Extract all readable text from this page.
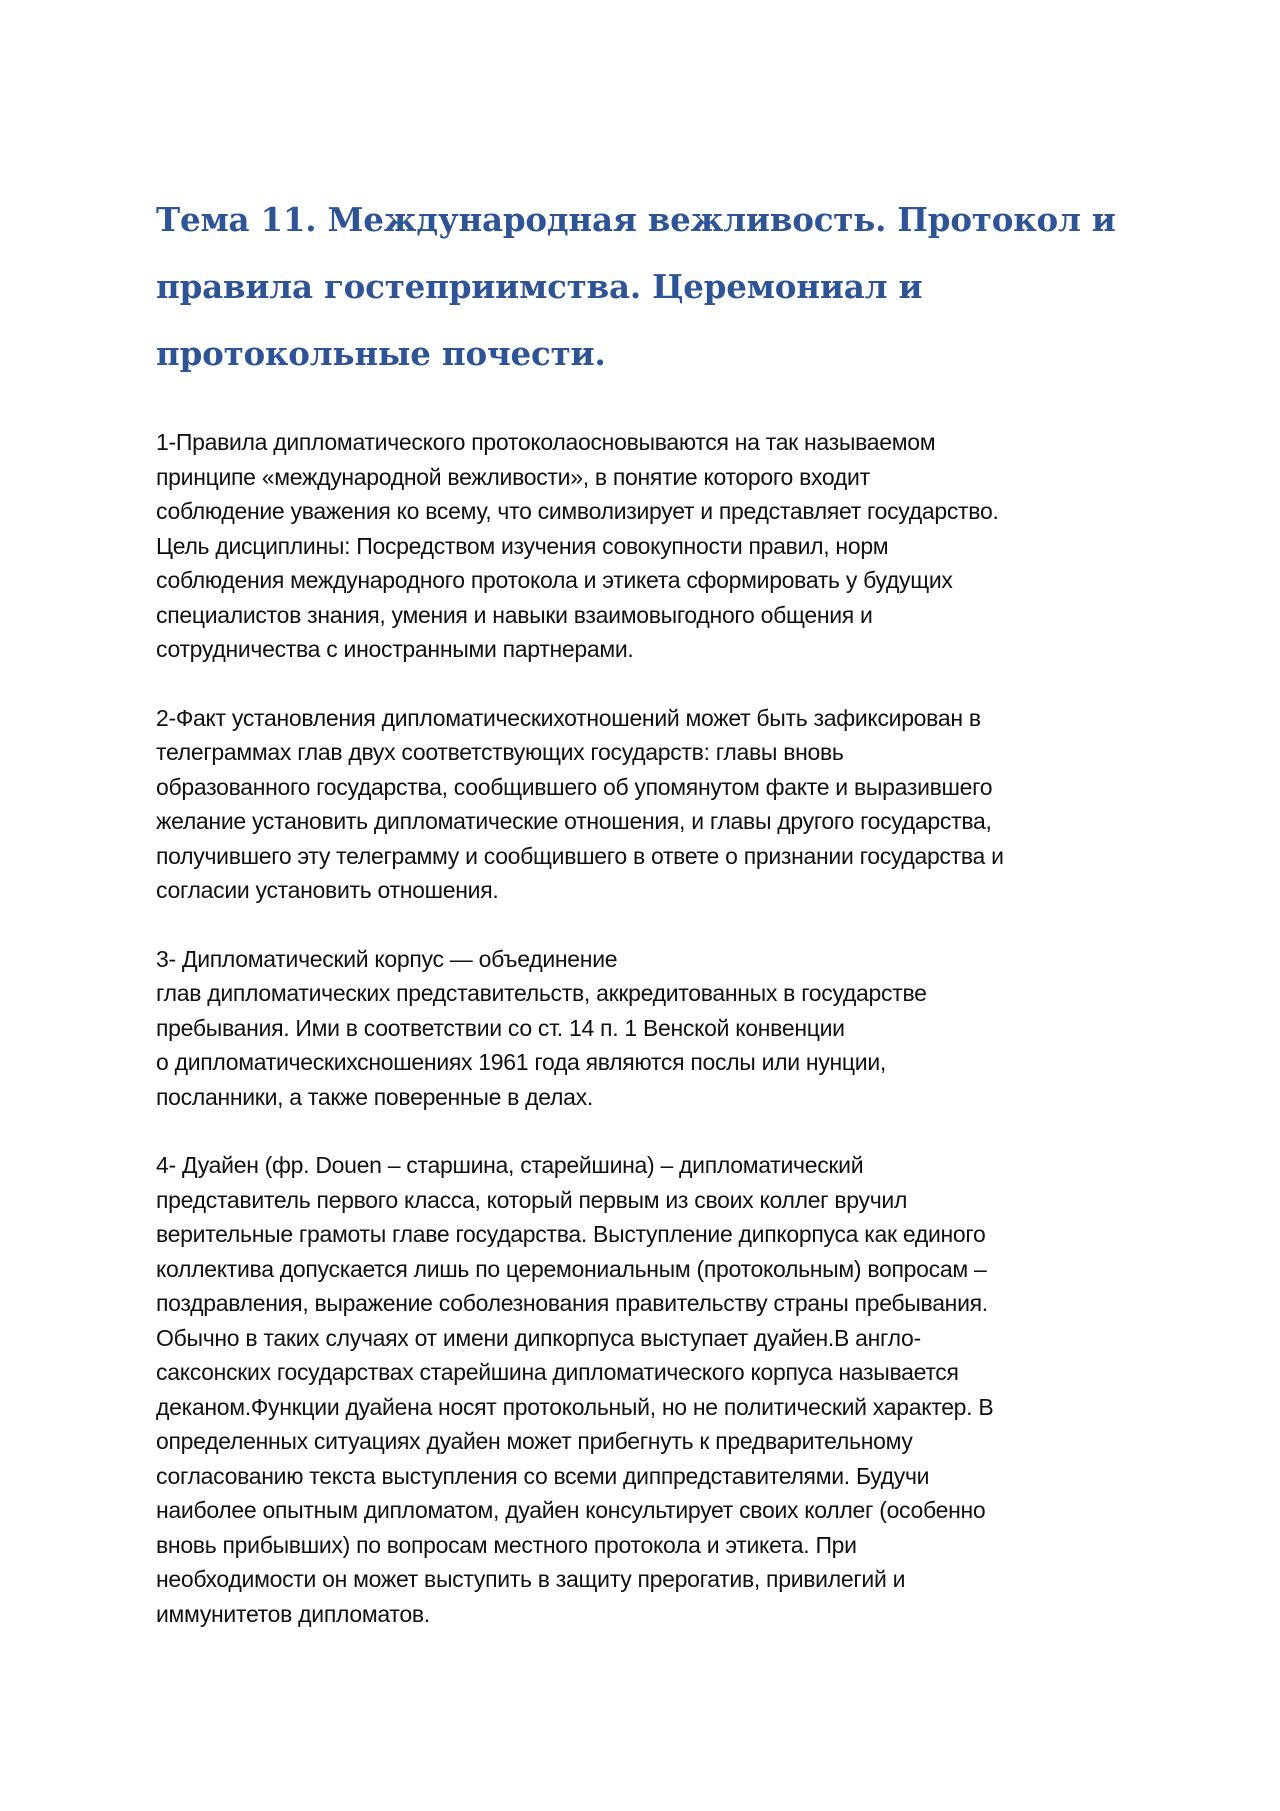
Тема 11. Международная вежливость. Протокол и
правила гостеприимства. Церемониал и
протокольные почести.

1-Правила дипломатического протоколаосновываются на так называемом
принципе «международной вежливости», в понятие которого входит
соблюдение уважения ко всему, что символизирует и представляет государство.
Цель дисциплины: Посредством изучения совокупности правил, норм
соблюдения международного протокола и этикета сформировать у будущих
специалистов знания, умения и навыки взаимовыгодного общения и
сотрудничества с иностранными партнерами.

2-Факт установления дипломатическихотношений может быть зафиксирован в
телеграммах глав двух соответствующих государств: главы вновь
образованного государства, сообщившего об упомянутом факте и выразившего
желание установить дипломатические отношения, и главы другого государства,
получившего эту телеграмму и сообщившего в ответе о признании государства и
согласии установить отношения.

3- Дипломатический корпус — объединение
глав дипломатических представительств, аккредитованных в государстве
пребывания. Ими в соответствии со ст. 14 п. 1 Венской конвенции
о дипломатическихсношениях 1961 года являются послы или нунции,
посланники, а также поверенные в делах.

4- Дуайен (фр. Douen – старшина, старейшина) – дипломатический
представитель первого класса, который первым из своих коллег вручил
верительные грамоты главе государства. Выступление дипкорпуса как единого
коллектива допускается лишь по церемониальным (протокольным) вопросам –
поздравления, выражение соболезнования правительству страны пребывания.
Обычно в таких случаях от имени дипкорпуса выступает дуайен.В англо-
саксонских государствах старейшина дипломатического корпуса называется
деканом.Функции дуайена носят протокольный, но не политический характер. В
определенных ситуациях дуайен может прибегнуть к предварительному
согласованию текста выступления со всеми диппредставителями. Будучи
наиболее опытным дипломатом, дуайен консультирует своих коллег (особенно
вновь прибывших) по вопросам местного протокола и этикета. При
необходимости он может выступить в защиту прерогатив, привилегий и
иммунитетов дипломатов.
